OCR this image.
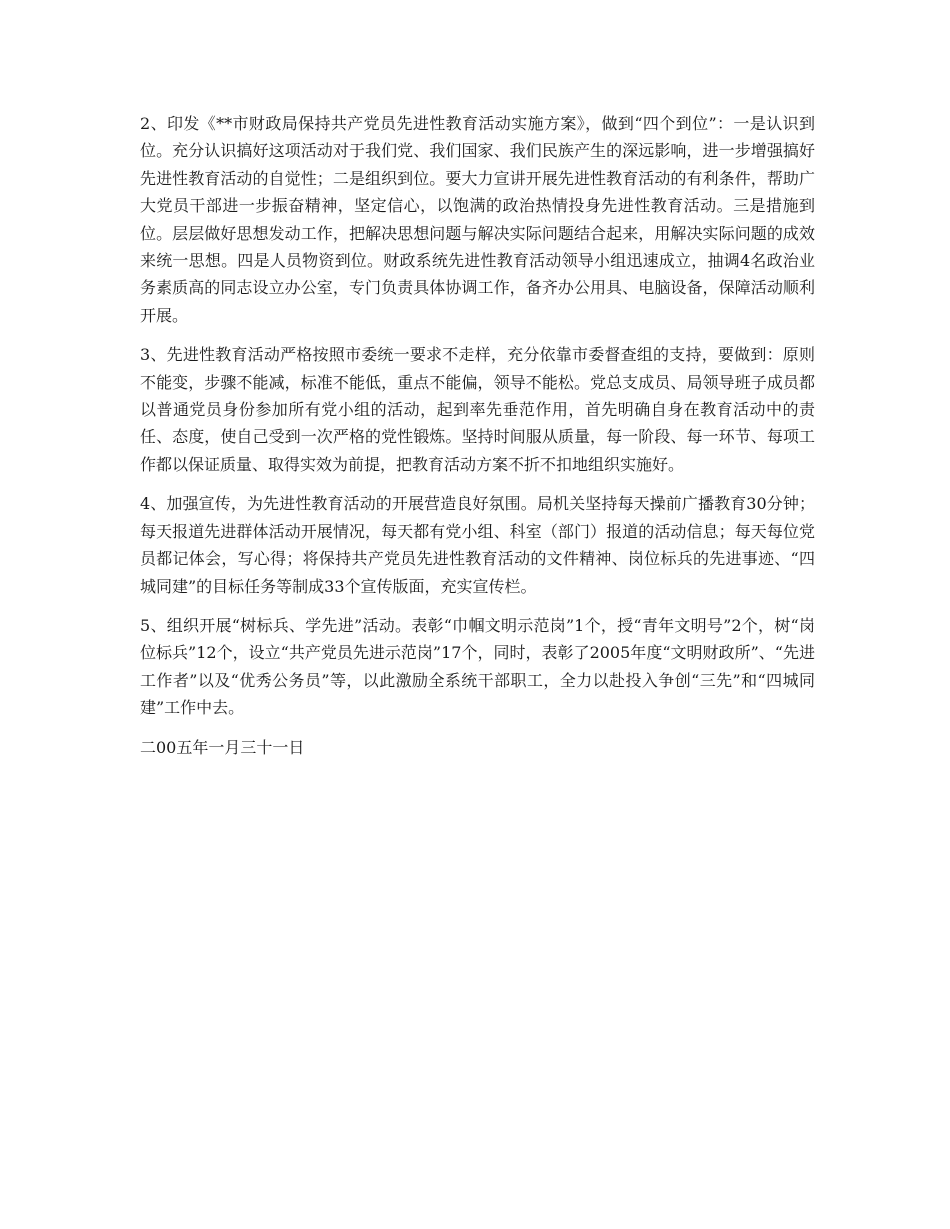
2、印发《**市财政局保持共产党员先进性教育活动实施方案》，做到“四个到位”：一是认识到位。充分认识搞好这项活动对于我们党、我们国家、我们民族产生的深远影响，进一步增强搞好先进性教育活动的自觉性；二是组织到位。要大力宣讲开展先进性教育活动的有利条件，帮助广大党员干部进一步振奋精神，坚定信心，以饱满的政治热情投身先进性教育活动。三是措施到位。层层做好思想发动工作，把解决思想问题与解决实际问题结合起来，用解决实际问题的成效来统一思想。四是人员物资到位。财政系统先进性教育活动领导小组迅速成立，抽调4名政治业务素质高的同志设立办公室，专门负责具体协调工作，备齐办公用具、电脑设备，保障活动顺利开展。

3、先进性教育活动严格按照市委统一要求不走样，充分依靠市委督查组的支持，要做到：原则不能变，步骤不能减，标准不能低，重点不能偏，领导不能松。党总支成员、局领导班子成员都以普通党员身份参加所有党小组的活动，起到率先垂范作用，首先明确自身在教育活动中的责任、态度，使自己受到一次严格的党性锻炼。坚持时间服从质量，每一阶段、每一环节、每项工作都以保证质量、取得实效为前提，把教育活动方案不折不扣地组织实施好。

4、加强宣传，为先进性教育活动的开展营造良好氛围。局机关坚持每天操前广播教育30分钟；每天报道先进群体活动开展情况，每天都有党小组、科室（部门）报道的活动信息；每天每位党员都记体会，写心得；将保持共产党员先进性教育活动的文件精神、岗位标兵的先进事迹、“四城同建”的目标任务等制成33个宣传版面，充实宣传栏。

5、组织开展“树标兵、学先进”活动。表彰“巾帼文明示范岗”1个，授“青年文明号”2个，树“岗位标兵”12个，设立“共产党员先进示范岗”17个，同时，表彰了2005年度“文明财政所”、“先进工作者”以及“优秀公务员”等，以此激励全系统干部职工，全力以赴投入争创“三先”和“四城同建”工作中去。

二00五年一月三十一日
